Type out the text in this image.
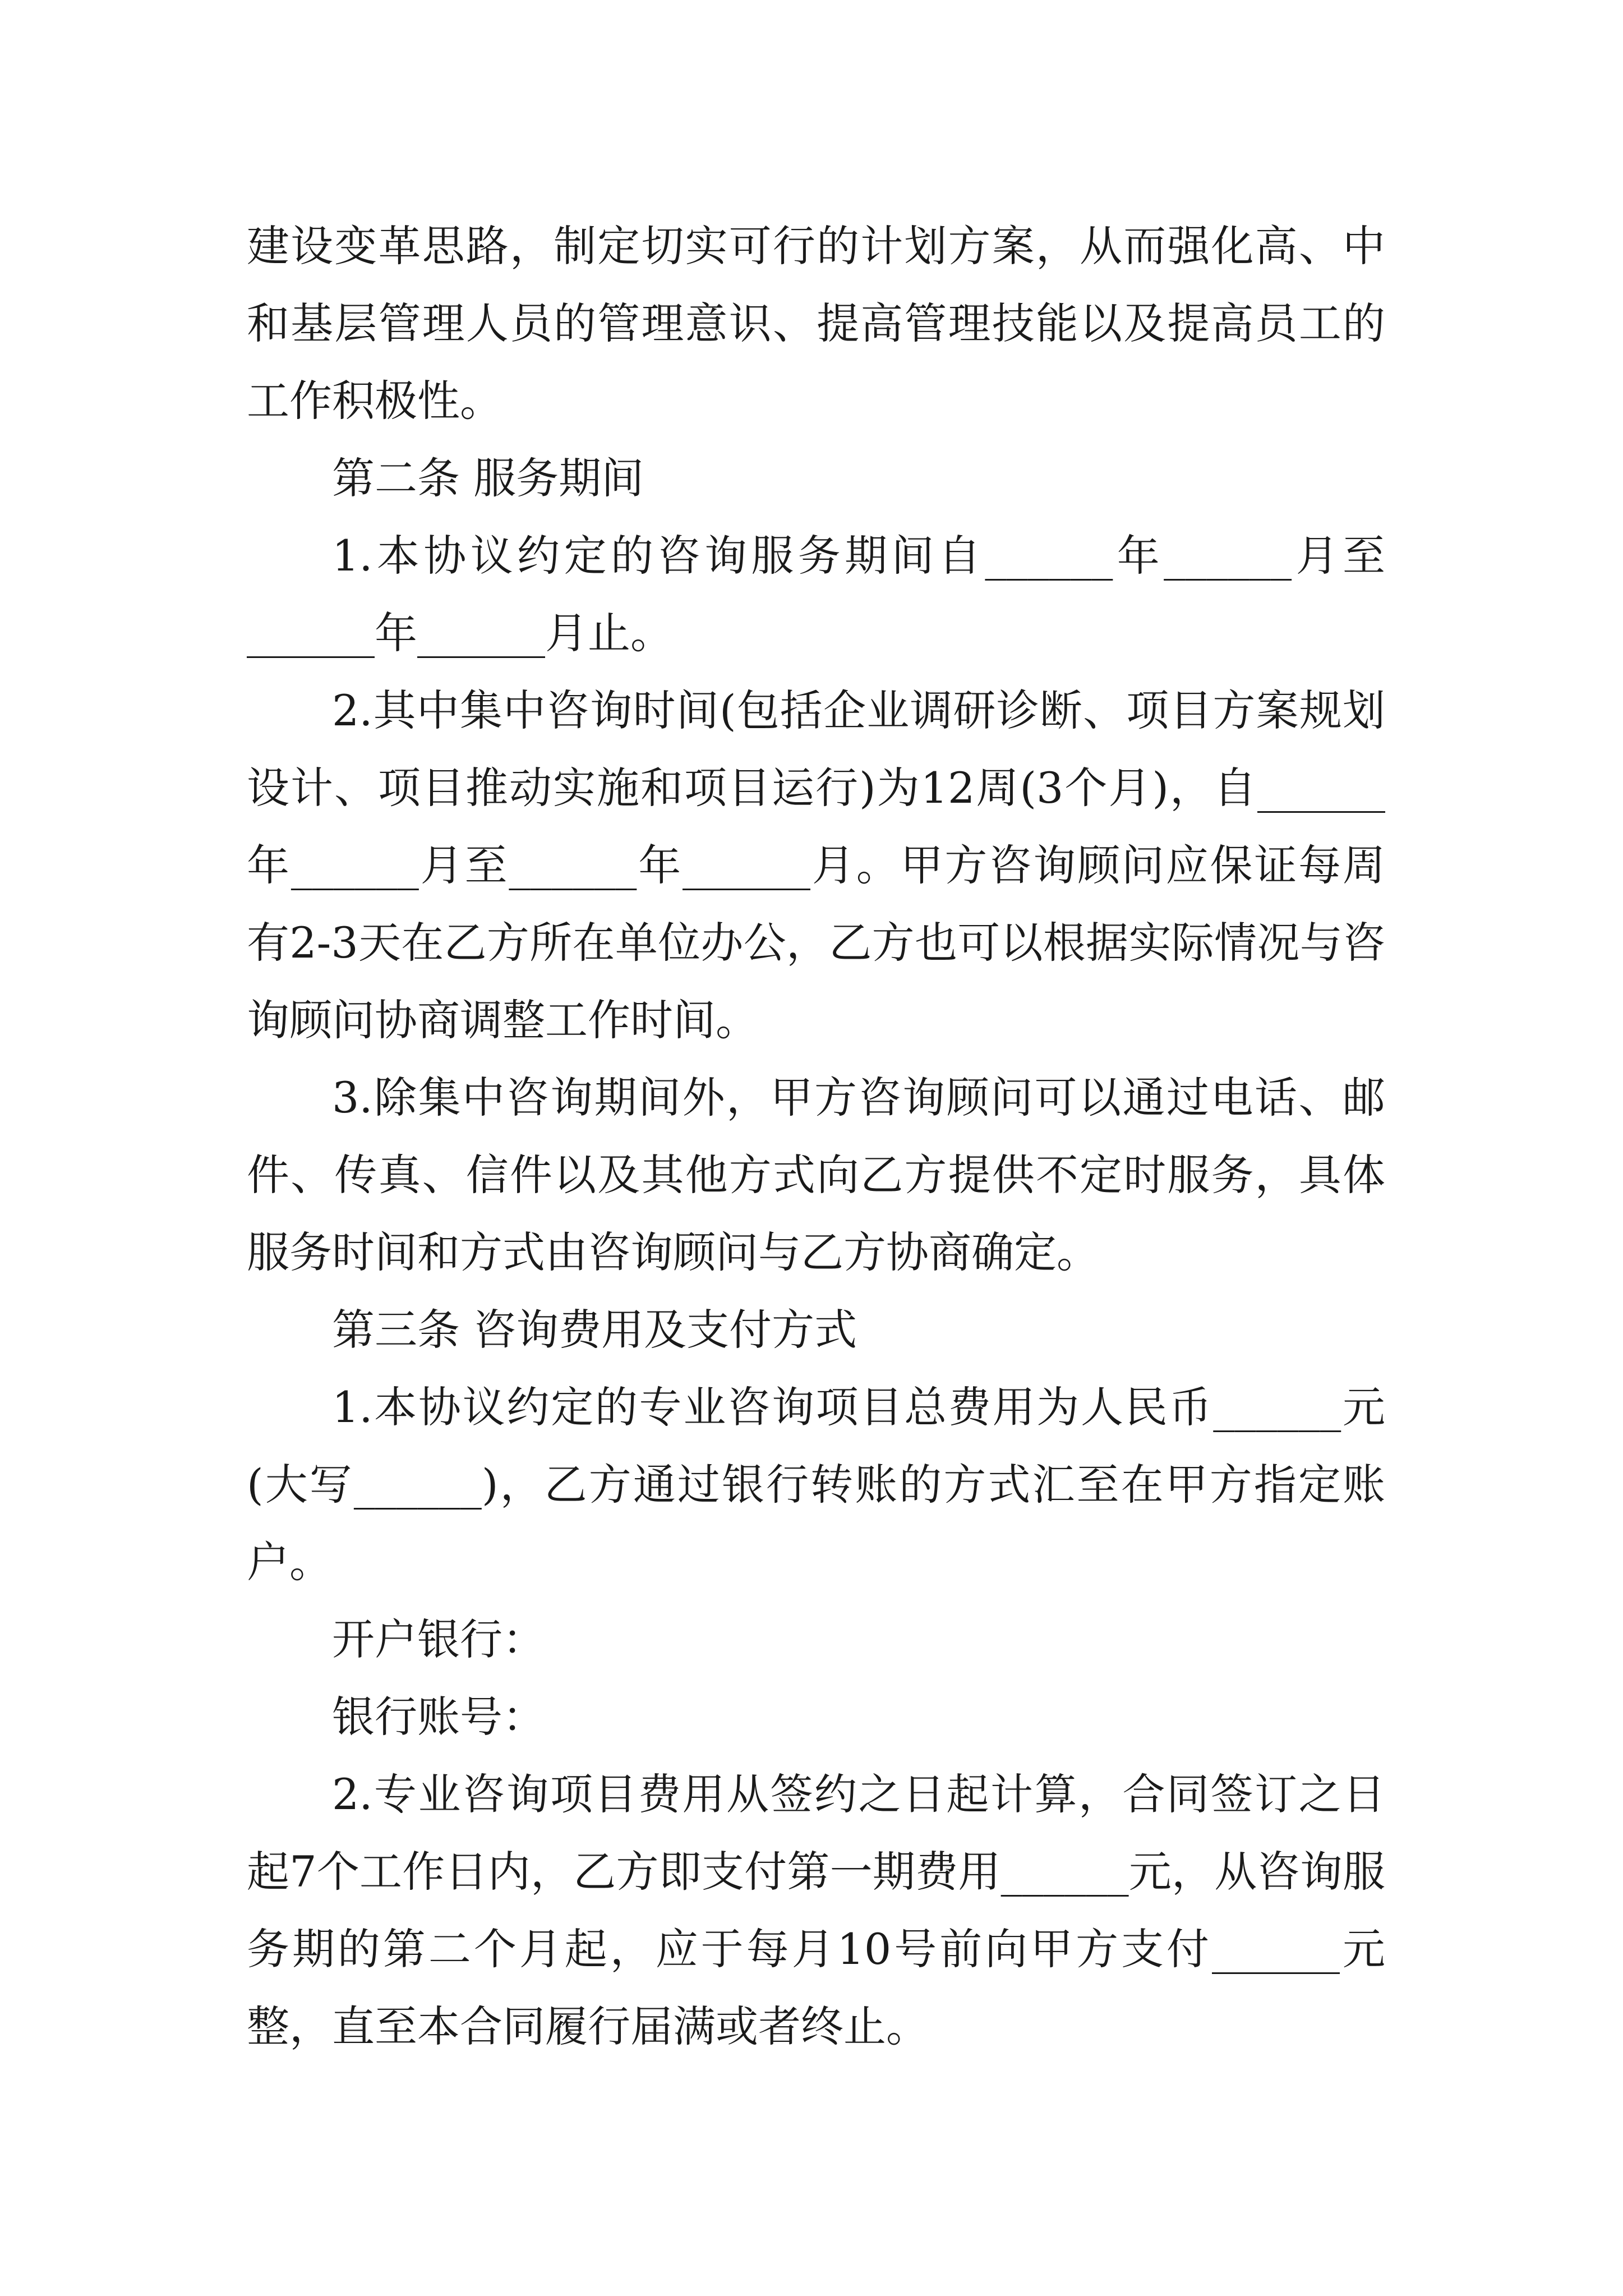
建设变革思路，制定切实可行的计划方案，从而强化高、中和基层管理人员的管理意识、提高管理技能以及提高员工的工作积极性。

第二条 服务期间

1.本协议约定的咨询服务期间自______年______月至______年______月止。

2.其中集中咨询时间(包括企业调研诊断、项目方案规划设计、项目推动实施和项目运行)为12周(3个月)，自______年______月至______年______月。甲方咨询顾问应保证每周有2-3天在乙方所在单位办公，乙方也可以根据实际情况与咨询顾问协商调整工作时间。

3.除集中咨询期间外，甲方咨询顾问可以通过电话、邮件、传真、信件以及其他方式向乙方提供不定时服务，具体服务时间和方式由咨询顾问与乙方协商确定。

第三条 咨询费用及支付方式

1.本协议约定的专业咨询项目总费用为人民币______元(大写______)，乙方通过银行转账的方式汇至在甲方指定账户。

开户银行：

银行账号：

2.专业咨询项目费用从签约之日起计算，合同签订之日起7个工作日内，乙方即支付第一期费用______元，从咨询服务期的第二个月起，应于每月10号前向甲方支付______元整，直至本合同履行届满或者终止。
